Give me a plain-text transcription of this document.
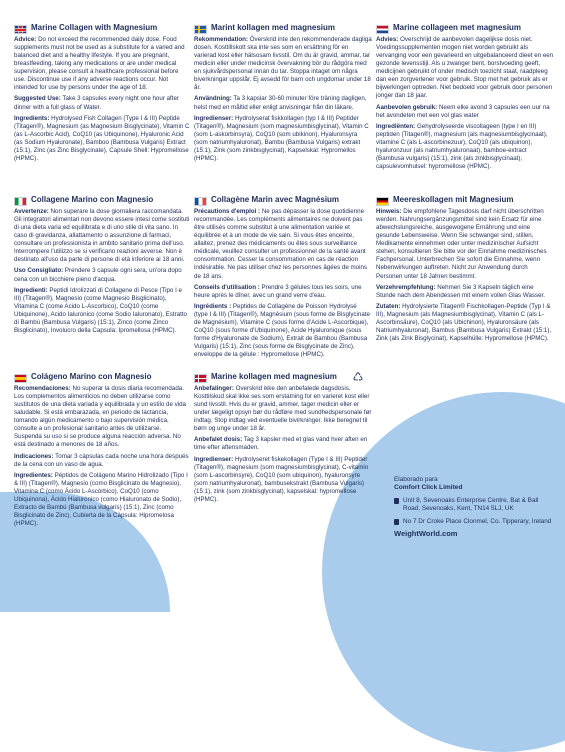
Marine Collagen with Magnesium
Advice: Do not exceed the recommended daily dose. Food supplements must not be used as a substitute for a varied and balanced diet and a healthy lifestyle. If you are pregnant, breastfeeding, taking any medications or are under medical supervision, please consult a healthcare professional before use. Discontinue use if any adverse reactions occur. Not intended for use by persons under the age of 18.
Suggested Use: Take 3 capsules every night one hour after dinner with a full glass of Water.
Ingredients: Hydrolysed Fish Collagen (Type I & III) Peptide (Titagen®), Magnesium (as Magnesium Bisglycinate), Vitamin C (as L-Ascorbic Acid), CoQ10 (as Ubiquinone), Hyaluronic Acid (as Sodium Hyaluronate), Bamboo (Bambusa Vulgaris) Extract (15:1), Zinc (as Zinc Bisglycinate), Capsule Shell: Hypromellose (HPMC).
Marint kollagen med magnesium
Rekommendation: Överskrid inte den rekommenderade dagliga dosen. Kosttillskott ska inte ses som en ersättning för en varierad kost eller hälsosam livsstil. Om du är gravid, ammar, tar medicin eller under medicinsk övervakning bör du rådgöra med en sjukvårdspersonal innan du tar. Stoppa intaget om några biverkningar uppstår. Ej avsedd för barn och ungdomar under 18 år.
Användning: Ta 3 kapslar 30-60 minuter före träning dagligen, helst med en måltid eller enligt anvisningar från din läkare.
Ingredienser: Hydrolyserat fiskkollagen (typ I & III) Peptider (Titagen®), Magnesium (som magnesiumbisglycinat), Vitamin C (som L-askorbinsyra), CoQ10 (som ubikinon), Hyaluronsyra (som natriumhyaluronat), Bambu (Bambusa Vulgaris) extrakt (15:1), Zink (som zinkbisglycinat), Kapselskal: Hypromellos (HPMC).
Marine collageen met magnesium
Advies: Overschrijd de aanbevolen dagelijkse dosis niet. Voedingssupplementen mogen niet worden gebruikt als vervanging voor een gevarieerd en uitgebalanceerd dieet en een gezonde levensstijl. Als u zwanger bent, borstvoeding geeft, medicijnen gebruikt of onder medisch toezicht staat, raadpleeg dan een zorgverlener voor gebruik. Stop met het gebruik als er bijwerkingen optreden. Niet bedoeld voor gebruik door personen jonger dan 18 jaar.
Aanbevolen gebruik: Neem elke avond 3 capsules een uur na het avondeten met een vol glas water
Ingrediënten: Gehydrolyseerde viscollageen (type I en III) peptiden (Titagen®), magnesium (als magnesiumbisglycinaat), vitamine C (als L-ascorbinezuur), CoQ10 (als ubiquinon), hyaluronzuur (als natriumhyaluronaat), bamboe-extract (Bambusa vulgaris) (15:1), zink (als zinkbisglycinaat), capsulevomhulsel: hypromellose (HPMC).
Collagene Marino con Magnesio
Avvertenze: Non superare la dose giornaliera raccomandata. Gli integratori alimentari non devono essere intesi come sostituti di una dieta varia ed equilibrata e di uno stile di vita sano. In caso di gravidanza, allattamento o assunzione di farmaci, consultare un professionista in ambito sanitario prima dell'uso. Interrompere l'utilizzo se si verificano reazioni avverse. Non è destinato all'uso da parte di persone di età inferiore ai 18 anni.
Uso Consigliato: Prendere 3 capsule ogni sera, un'ora dopo cena con un bicchiere pieno d'acqua.
Ingredienti: Peptidi Idrolizzati di Collagene di Pesce (Tipo I e III) (Titagen®), Magnesio (come Magnesio Bisglicinato), Vitamina C (come Acido L-Ascorbico), CoQ10 (come Ubiquinone), Acido Ialuronico (come Sodio Ialuronato), Estratto di Bambù (Bambusa Vulgaris) (15:1), Zinco (come Zinco Bisglicinato), Involucro della Capsula: Ipromellosa (HPMC).
Collagène Marin avec Magnésium
Précautions d'emploi : Ne pas dépasser la dose quotidienne recommandée. Les compléments alimentaires ne doivent pas être utilisés comme substitut à une alimentation variée et équilibrée et à un mode de vie sain. Si vous êtes enceinte, allaitez, prenez des médicaments ou êtes sous surveillance médicale, veuillez consulter un professionnel de la santé avant consommation. Cesser la consommation en cas de réaction indésirable. Ne pas utiliser chez les personnes âgées de moins de 18 ans.
Conseils d'utilisation : Prendre 3 gélules tous les soirs, une heure après le dîner, avec un grand verre d'eau.
Ingrédients : Peptides de Collagène de Poisson Hydrolysé (type I & III) (Titagen®), Magnésium (sous forme de Bisglycinate de Magnésium), Vitamine C (sous forme d'Acide L-Ascorbique), CoQ10 (sous forme d'Ubiquinone), Acide Hyaluronique (sous forme d'Hyaluronate de Sodium), Extrait de Bambou (Bambusa Vulgaris) (15:1), Zinc (sous forme de Bisglycinate de Zinc), enveloppe de la gélule : Hypromellose (HPMC).
Meereskollagen mit Magnesium
Hinweis: Die empfohlene Tagesdosis darf nicht überschritten werden. Nahrungsergänzungsmittel sind kein Ersatz für eine abwechslungsreiche, ausgewogene Ernährung und eine gesunde Lebensweise. Wenn Sie schwanger sind, stillen, Medikamente einnehmen oder unter medizinischer Aufsicht stehen, konsultieren Sie bitte vor der Einnahme medizinisches Fachpersonal. Unterbrechen Sie sofort die Einnahme, wenn Nebenwirkungen auftreten. Nicht zur Anwendung durch Personen unter 18 Jahren bestimmt.
Verzehrempfehlung: Nehmen Sie 3 Kapseln täglich eine Stunde nach dem Abendessen mit einem vollen Glas Wasser.
Zutaten: Hydrolysierte Titagen® Fischkollagen-Peptide (Typ I & III), Magnesium (als Magnesiumbisglycinat), Vitamin C (als L-Ascorbinsäure), CoQ10 (als Ubichinon), Hyaluronsäure (als Natriumhyaluronat), Bambus (Bambusa Vulgaris) Extrakt (15:1), Zink (als Zink Bisglycinat), Kapselhülle: Hypromellose (HPMC).
Colágeno Marino con Magnesio
Recomendaciones: No superar la dosis diaria recomendada. Los complementos alimenticios no deben utilizarse como sustitutos de una dieta variada y equilibrada y un estilo de vida saludable. Si está embarazada, en periodo de lactancia, tomando algún medicamento o bajo supervisión médica, consulte a un profesional sanitario antes de utilizarse. Suspenda su uso si se produce alguna reacción adversa. No está destinado a menores de 18 años.
Indicaciones: Tomar 3 cápsulas cada noche una hora después de la cena con un vaso de agua.
Ingredientes: Péptidos de Colágeno Marino Hidrolizado (Tipo I & III) (Titagen®), Magnesio (como Bisglicinato de Magnesio), Vitamina C (como Ácido L-Ascórbico), CoQ10 (como Ubiquinona), Ácido Hialurónico (como Hialuronato de Sodio), Extracto de Bambú (Bambusa vulgaris) (15:1), Zinc (como Bisglicinato de Zinc), Cubierta de la Cápsula: Hipromelosa (HPMC).
Marine kollagen med magnesium
Anbefalinger: Overskrid ikke den anbefalede dagsdosis. Kosttilskud skal ikke ses som erstatning for en varieret kost eller sund livsstil. Hvis du er gravid, ammer, tager medicin eller er under lægeligt opsyn bør du rådføre med sundhedspersonale før indtag. Stop indtag ved eventuelle bivirkninger. Ikke beregnet til børn og unge under 18 år.
Anbefalet dosis: Tag 3 kapsler med et glas vand hver aften en time efter aftensmaden.
Ingredienser: Hydrolyseret fiskekollagen (Type I & III) Peptider (Titagen®), magnesium (som magnesiumbisglycinat), C-vitamin (som L-ascorbinsyre), CoQ10 (som ubiquinon), hyaluronsyre (som natriumhyaluronat), bambusekstrakt (Bambusa Vulgaris) (15:1), zink (som zinkbisglycinat), kapselskal: hypromellose (HPMC).
♺
Elaborado para
Comfort Click Limited
Unit 8, Sevenoaks Enterprise Centre, Bat & Ball Road, Sevenoaks, Kent, TN14 5LJ, UK
No 7 Dr Croke Place Clonmel, Co. Tipperary, Ireland
WeightWorld.com
